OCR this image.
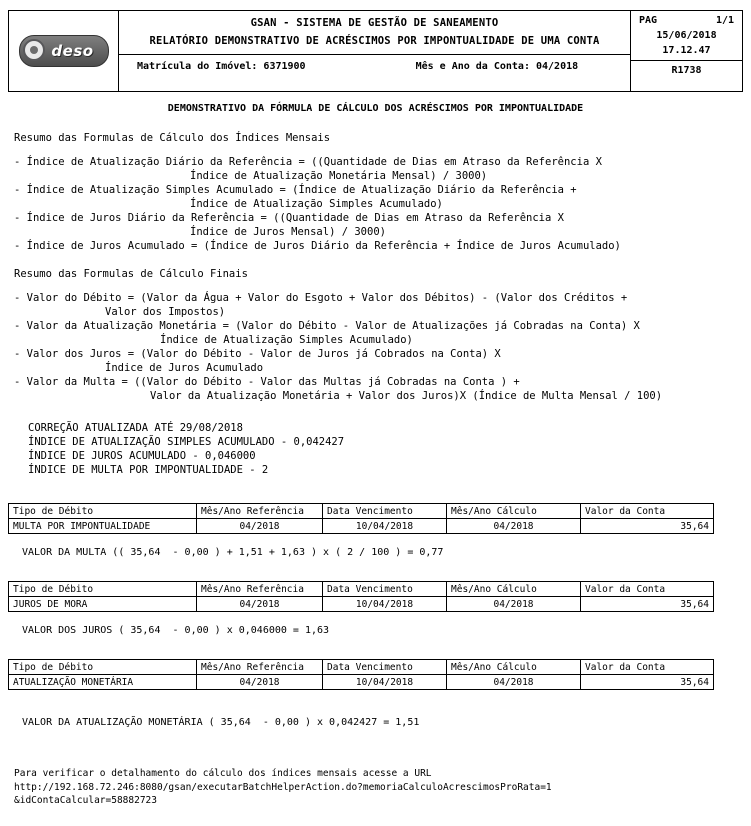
deso
GSAN - SISTEMA DE GESTÃO DE SANEAMENTO
RELATÓRIO DEMONSTRATIVO DE ACRÉSCIMOS POR IMPONTUALIDADE DE UMA CONTA
Matrícula do Imóvel: 6371900	Mês e Ano da Conta: 04/2018
PAG	1/1
15/06/2018
17.12.47
R1738
DEMONSTRATIVO DA FÓRMULA DE CÁLCULO DOS ACRÉSCIMOS POR IMPONTUALIDADE
Resumo das Formulas de Cálculo dos Índices Mensais
- Índice de Atualização Diário da Referência = ((Quantidade de Dias em Atraso da Referência X
Índice de Atualização Monetária Mensal) / 3000)
- Índice de Atualização Simples Acumulado = (Índice de Atualização Diário da Referência +
Índice de Atualização Simples Acumulado)
- Índice de Juros Diário da Referência = ((Quantidade de Dias em Atraso da Referência X
Índice de Juros Mensal) / 3000)
- Índice de Juros Acumulado = (Índice de Juros Diário da Referência + Índice de Juros Acumulado)
Resumo das Formulas de Cálculo Finais
- Valor do Débito = (Valor da Água + Valor do Esgoto + Valor dos Débitos) - (Valor dos Créditos +
Valor dos Impostos)
- Valor da Atualização Monetária = (Valor do Débito - Valor de Atualizações já Cobradas na Conta) X
Índice de Atualização Simples Acumulado)
- Valor dos Juros = (Valor do Débito - Valor de Juros já Cobrados na Conta) X
Índice de Juros Acumulado
- Valor da Multa = ((Valor do Débito - Valor das Multas já Cobradas na Conta ) +
Valor da Atualização Monetária + Valor dos Juros)X (Índice de Multa Mensal / 100)
CORREÇÃO ATUALIZADA ATÉ 29/08/2018
ÍNDICE DE ATUALIZAÇÃO SIMPLES ACUMULADO - 0,042427
ÍNDICE DE JUROS ACUMULADO - 0,046000
ÍNDICE DE MULTA POR IMPONTUALIDADE - 2
Tipo de Débito	Mês/Ano Referência	Data Vencimento	Mês/Ano Cálculo	Valor da Conta
MULTA POR IMPONTUALIDADE	04/2018	10/04/2018	04/2018	35,64
VALOR DA MULTA (( 35,64  - 0,00 ) + 1,51 + 1,63 ) x ( 2 / 100 ) = 0,77
Tipo de Débito	Mês/Ano Referência	Data Vencimento	Mês/Ano Cálculo	Valor da Conta
JUROS DE MORA	04/2018	10/04/2018	04/2018	35,64
VALOR DOS JUROS ( 35,64  - 0,00 ) x 0,046000 = 1,63
Tipo de Débito	Mês/Ano Referência	Data Vencimento	Mês/Ano Cálculo	Valor da Conta
ATUALIZAÇÃO MONETÁRIA	04/2018	10/04/2018	04/2018	35,64
VALOR DA ATUALIZAÇÃO MONETÁRIA ( 35,64  - 0,00 ) x 0,042427 = 1,51
Para verificar o detalhamento do cálculo dos índices mensais acesse a URL
http://192.168.72.246:8080/gsan/executarBatchHelperAction.do?memoriaCalculoAcrescimosProRata=1
&idContaCalcular=58882723
